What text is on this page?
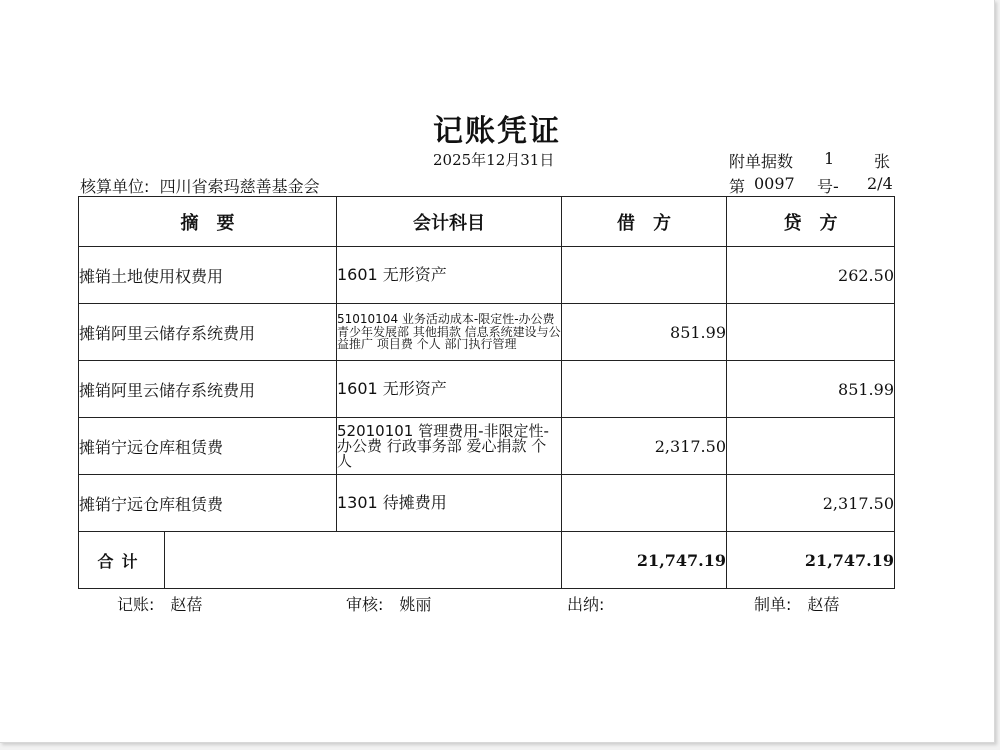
记账凭证
2025年12月31日	附单据数 1 张
核算单位: 四川省索玛慈善基金会	第 0097 号- 2/4
摘　要		会计科目	借　方	贷　方
摊销土地使用权费用		1601 无形资产		262.50
摊销阿里云储存系统费用		51010104 业务活动成本-限定性-办公费 青少年发展部 其他捐款 信息系统建设与公益推广 项目费 个人 部门执行管理	851.99	
摊销阿里云储存系统费用		1601 无形资产		851.99
摊销宁远仓库租赁费		52010101 管理费用-非限定性-办公费 行政事务部 爱心捐款 个人	2,317.50	
摊销宁远仓库租赁费		1301 待摊费用		2,317.50
合计			21,747.19	21,747.19
记账:　赵蓓	审核:　姚丽	出纳:	制单:　赵蓓
